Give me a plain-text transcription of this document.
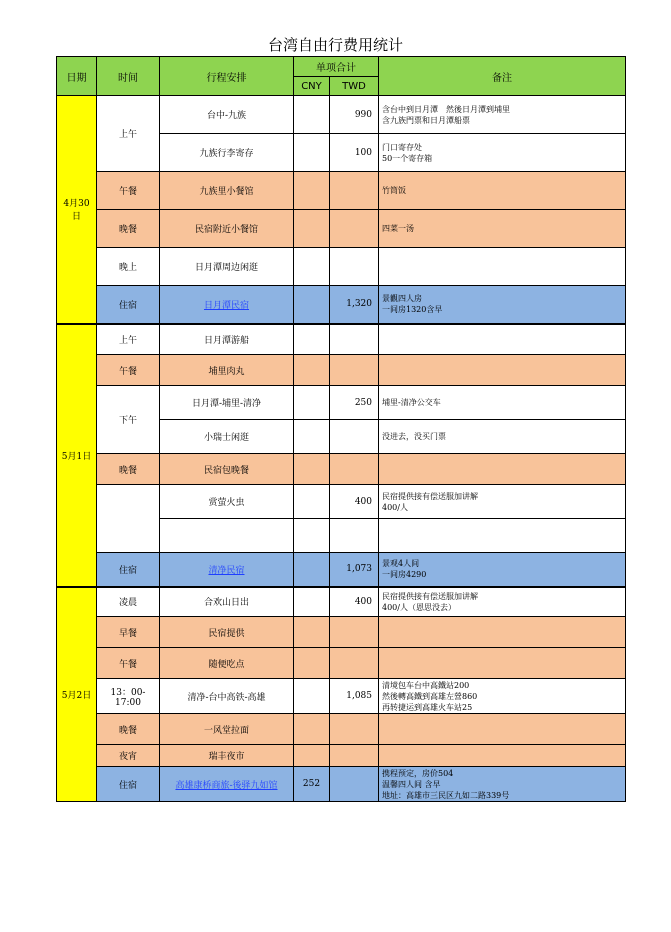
台湾自由行费用统计
日期	时间	行程安排	单项合计		备注
			CNY	TWD	
4月30日	上午	台中-九族		990	含台中到日月潭　然後日月潭到埔里
含九族門票和日月潭船票

		九族行李寄存		100	门口寄存处
50一个寄存箱

	午餐	九族里小餐馆			竹筒饭

	晚餐	民宿附近小餐馆			四菜一汤

	晚上	日月潭周边闲逛			
	住宿	日月潭民宿		1,320	景觀四人房
一间房1320含早

5月1日	上午	日月潭游船			
	午餐	埔里肉丸			
	下午	日月潭-埔里-清净		250	埔里-清净公交车

		小瑞士闲逛			没进去，没买门票

	晚餐	民宿包晚餐			
		赏萤火虫		400	民宿提供接有偿送服加讲解
400/人

	住宿	清净民宿		1,073	景观4人间
一间房4290

5月2日	凌晨	合欢山日出		400	民宿提供接有偿送服加讲解
400/人（恩思没去）

	早餐	民宿提供			
	午餐	随便吃点			
	13：00-17:00	清净-台中高铁-高雄		1,085	清境包车台中高鐵站200
然後轉高鐵到高雄左營860
再转捷运到高雄火车站25

	晚餐	一风堂拉面			
	夜宵	瑞丰夜市			
	住宿	高雄康桥商旅-後驿九如馆	252		携程预定，房价504
温馨四人间 含早
地址：高雄市三民区九如二路339号
